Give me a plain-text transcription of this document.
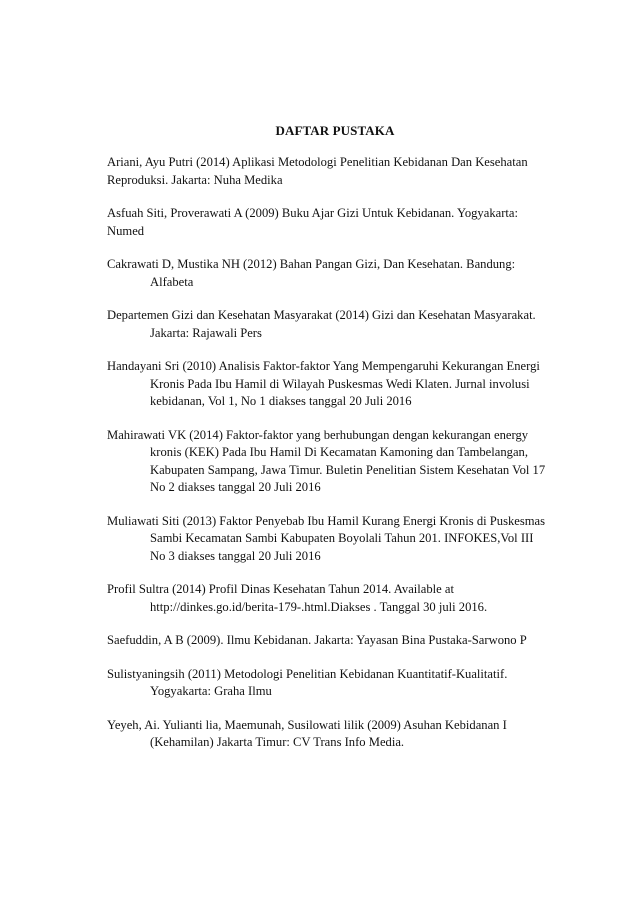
DAFTAR PUSTAKA
Ariani, Ayu Putri (2014) Aplikasi Metodologi Penelitian Kebidanan Dan Kesehatan
Reproduksi. Jakarta: Nuha Medika
Asfuah Siti, Proverawati A (2009) Buku Ajar Gizi Untuk Kebidanan. Yogyakarta:
Numed
Cakrawati D, Mustika NH (2012) Bahan Pangan Gizi, Dan Kesehatan. Bandung:
Alfabeta
Departemen Gizi dan Kesehatan Masyarakat (2014) Gizi dan Kesehatan Masyarakat.
Jakarta: Rajawali Pers
Handayani Sri (2010) Analisis Faktor-faktor Yang Mempengaruhi Kekurangan Energi
Kronis Pada Ibu Hamil di Wilayah Puskesmas Wedi Klaten. Jurnal involusi
kebidanan, Vol 1, No 1 diakses tanggal 20 Juli 2016
Mahirawati VK (2014) Faktor-faktor yang berhubungan dengan kekurangan energy
kronis (KEK) Pada Ibu Hamil Di Kecamatan Kamoning dan Tambelangan,
Kabupaten Sampang, Jawa Timur. Buletin Penelitian Sistem Kesehatan Vol 17
No 2 diakses tanggal 20 Juli 2016
Muliawati Siti (2013) Faktor Penyebab Ibu Hamil Kurang Energi Kronis di Puskesmas
Sambi Kecamatan Sambi Kabupaten Boyolali Tahun 201. INFOKES,Vol III
No 3 diakses tanggal 20 Juli 2016
Profil Sultra (2014) Profil Dinas Kesehatan Tahun 2014. Available at
http://dinkes.go.id/berita-179-.html.Diakses . Tanggal 30 juli 2016.
Saefuddin, A B (2009). Ilmu Kebidanan. Jakarta: Yayasan Bina Pustaka-Sarwono P
Sulistyaningsih (2011) Metodologi Penelitian Kebidanan Kuantitatif-Kualitatif.
Yogyakarta: Graha Ilmu
Yeyeh, Ai. Yulianti lia, Maemunah, Susilowati lilik (2009) Asuhan Kebidanan I
(Kehamilan) Jakarta Timur: CV Trans Info Media.
